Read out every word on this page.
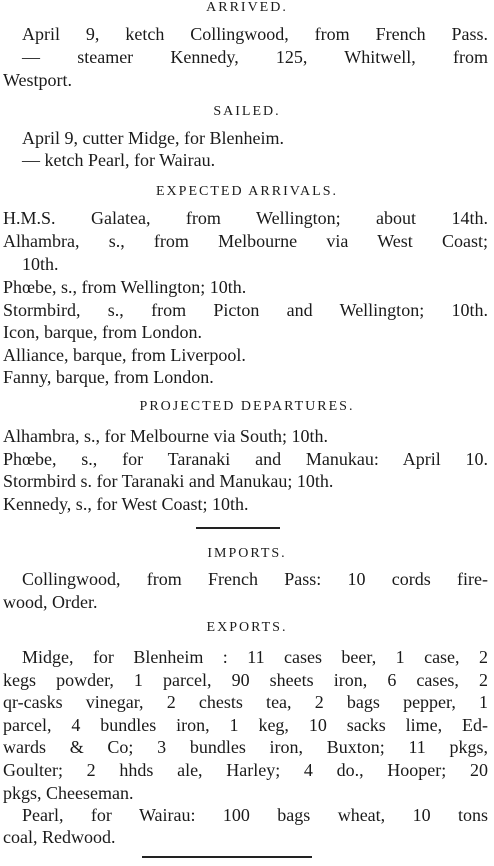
ARRIVED.
April 9, ketch Collingwood, from French Pass.
— steamer Kennedy, 125, Whitwell, from
Westport.
SAILED.
April 9, cutter Midge, for Blenheim.
— ketch Pearl, for Wairau.
EXPECTED ARRIVALS.
H.M.S. Galatea, from Wellington; about 14th.
Alhambra, s., from Melbourne via West Coast;
10th.
Phœbe, s., from Wellington; 10th.
Stormbird, s., from Picton and Wellington; 10th.
Icon, barque, from London.
Alliance, barque, from Liverpool.
Fanny, barque, from London.
PROJECTED DEPARTURES.
Alhambra, s., for Melbourne via South; 10th.
Phœbe, s., for Taranaki and Manukau: April 10.
Stormbird s. for Taranaki and Manukau; 10th.
Kennedy, s., for West Coast; 10th.
IMPORTS.
Collingwood, from French Pass: 10 cords fire-
wood, Order.
EXPORTS.
Midge, for Blenheim : 11 cases beer, 1 case, 2
kegs powder, 1 parcel, 90 sheets iron, 6 cases, 2
qr-casks vinegar, 2 chests tea, 2 bags pepper, 1
parcel, 4 bundles iron, 1 keg, 10 sacks lime, Ed-
wards & Co; 3 bundles iron, Buxton; 11 pkgs,
Goulter; 2 hhds ale, Harley; 4 do., Hooper; 20
pkgs, Cheeseman.
Pearl, for Wairau: 100 bags wheat, 10 tons
coal, Redwood.
